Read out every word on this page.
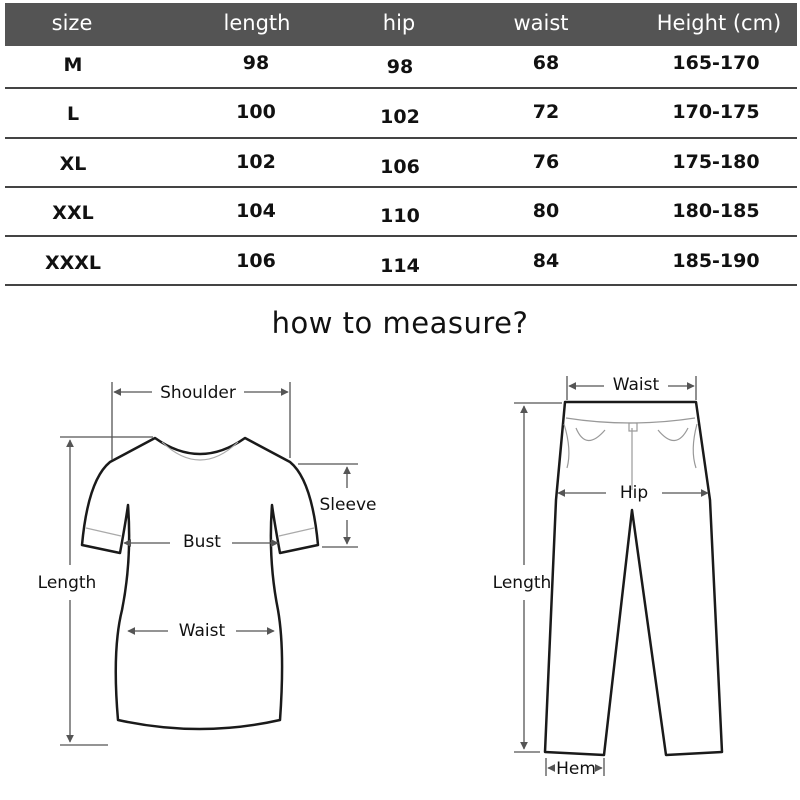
size	length	hip	waist	Height (cm)
M	98	98	68	165-170
L	100	102	72	170-175
XL	102	106	76	175-180
XXL	104	110	80	180-185
XXXL	106	114	84	185-190
how to measure?
Shoulder
Sleeve
Bust
Length
Waist
Waist
Hip
Length
Hem
